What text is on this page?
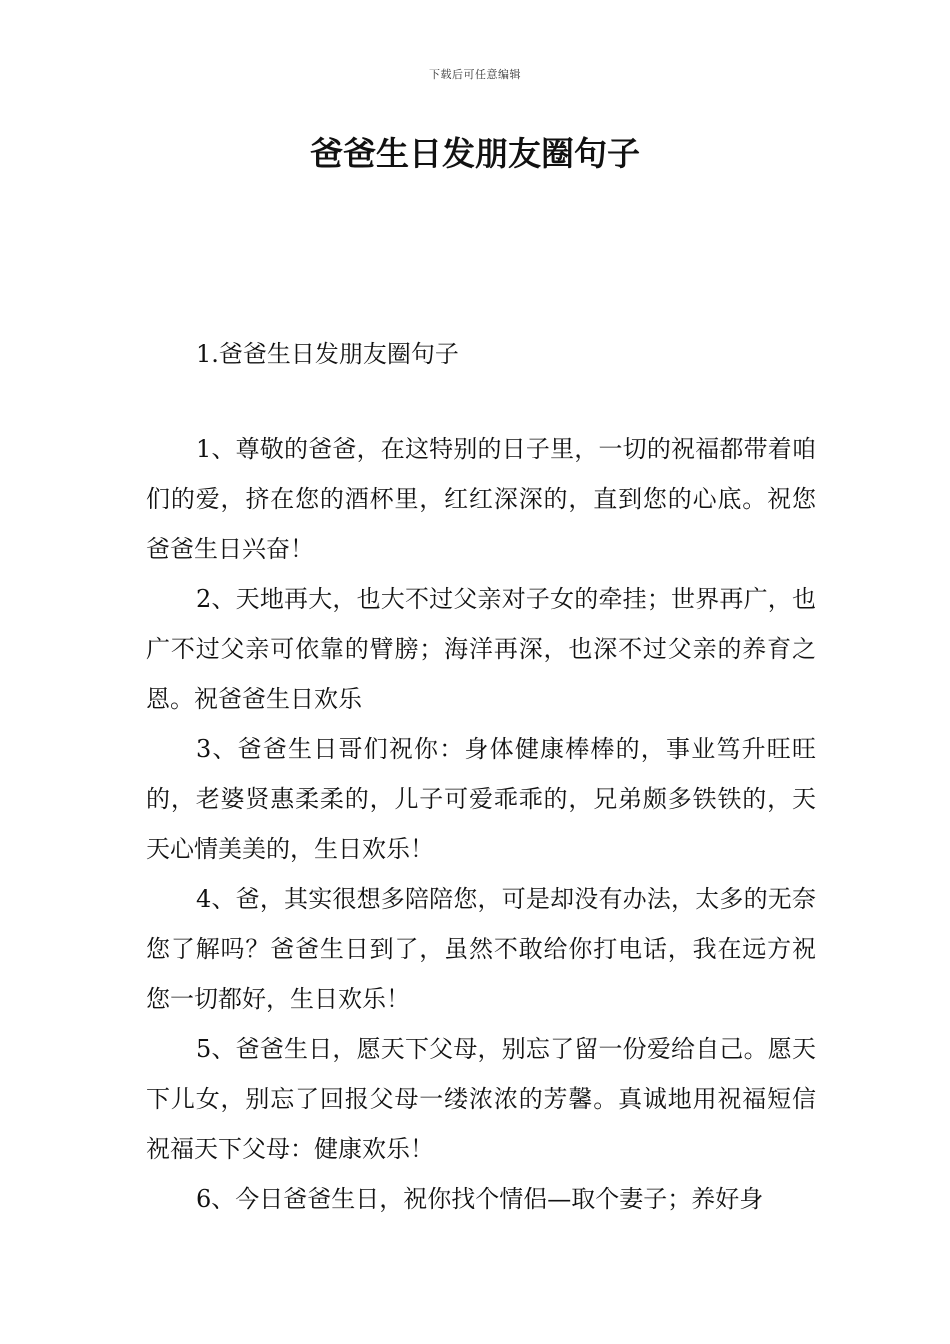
下载后可任意编辑
爸爸生日发朋友圈句子
1.爸爸生日发朋友圈句子

1、尊敬的爸爸，在这特别的日子里，一切的祝福都带着咱们的爱，挤在您的酒杯里，红红深深的，直到您的心底。祝您爸爸生日兴奋！

2、天地再大，也大不过父亲对子女的牵挂；世界再广，也广不过父亲可依靠的臂膀；海洋再深，也深不过父亲的养育之恩。祝爸爸生日欢乐

3、爸爸生日哥们祝你：身体健康棒棒的，事业笃升旺旺的，老婆贤惠柔柔的，儿子可爱乖乖的，兄弟颇多铁铁的，天天心情美美的，生日欢乐！

4、爸，其实很想多陪陪您，可是却没有办法，太多的无奈您了解吗？爸爸生日到了，虽然不敢给你打电话，我在远方祝您一切都好，生日欢乐！

5、爸爸生日，愿天下父母，别忘了留一份爱给自己。愿天下儿女，别忘了回报父母一缕浓浓的芳馨。真诚地用祝福短信祝福天下父母：健康欢乐！

6、今日爸爸生日，祝你找个情侣—取个妻子；养好身
